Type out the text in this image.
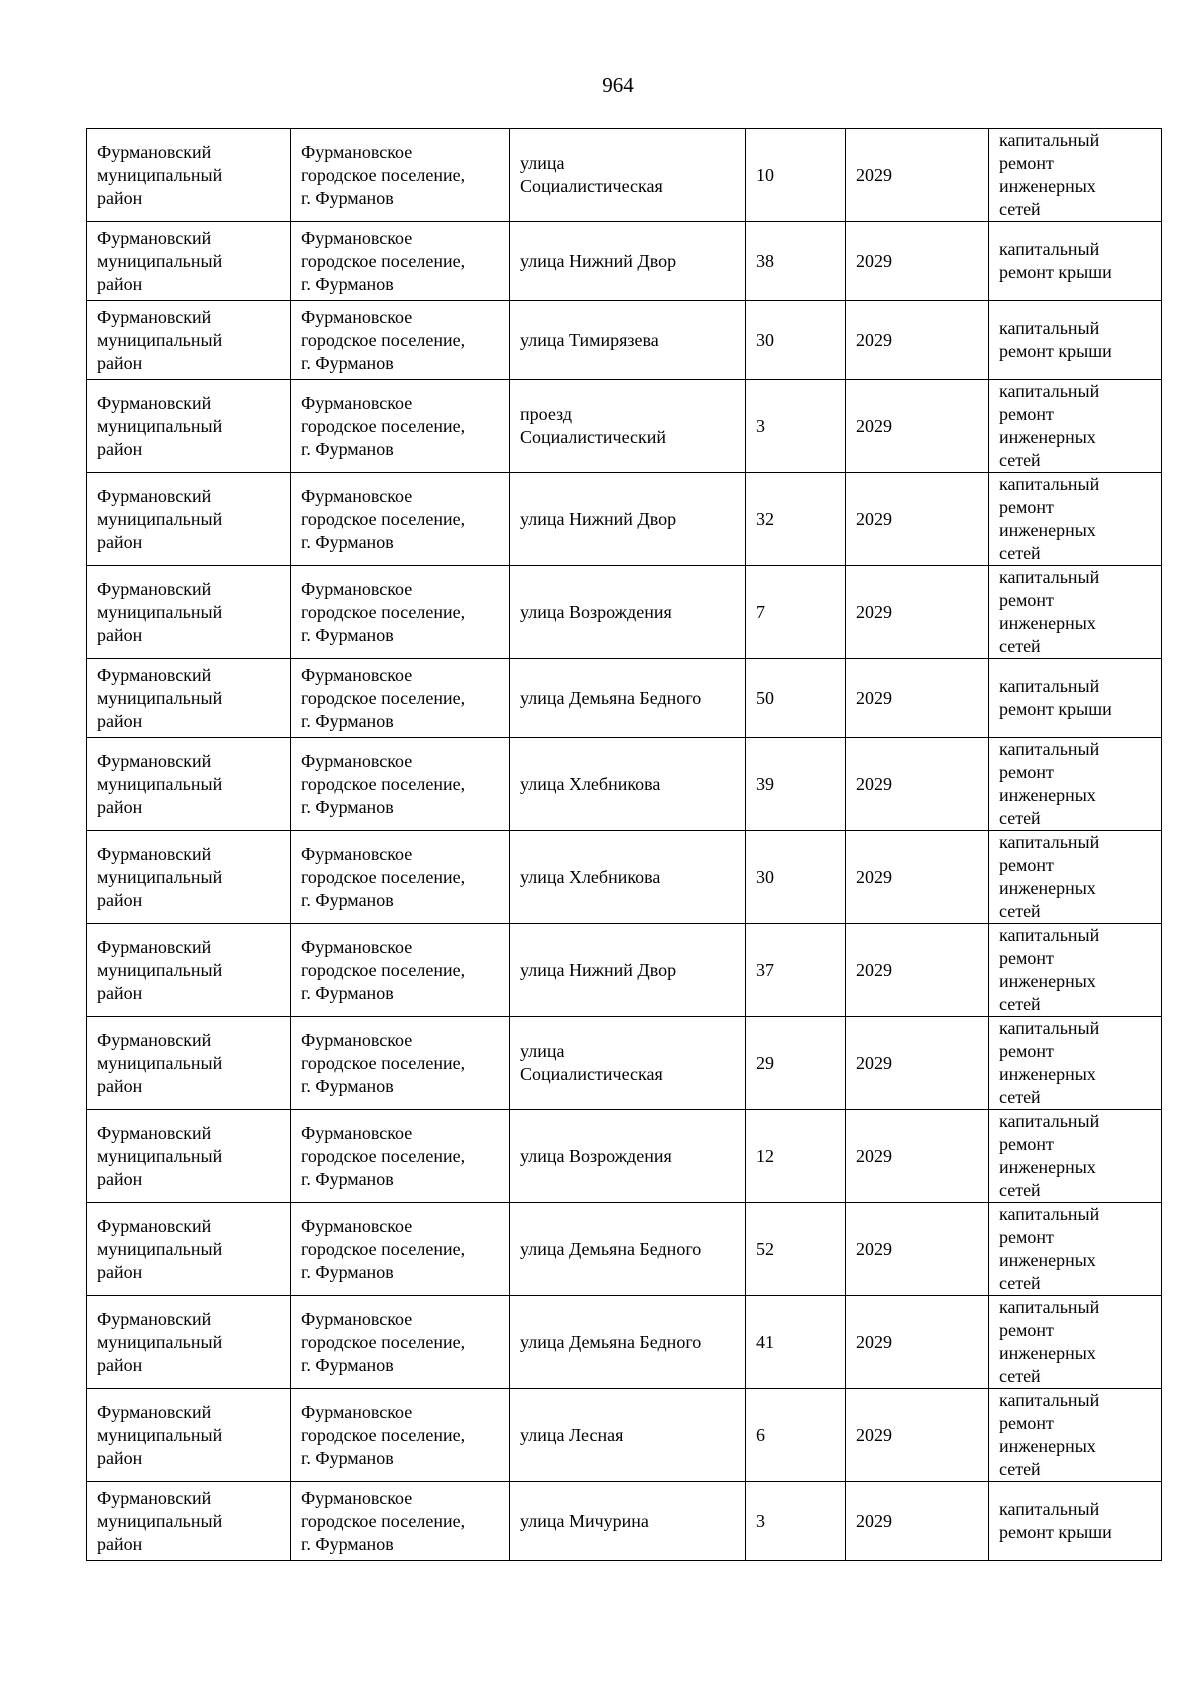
964
Фурмановский
муниципальный
район	Фурмановское
городское поселение,
г. Фурманов	улица
Социалистическая	10	2029	капитальный
ремонт
инженерных
сетей

Фурмановский
муниципальный
район	Фурмановское
городское поселение,
г. Фурманов	улица Нижний Двор	38	2029	капитальный
ремонт крыши

Фурмановский
муниципальный
район	Фурмановское
городское поселение,
г. Фурманов	улица Тимирязева	30	2029	капитальный
ремонт крыши

Фурмановский
муниципальный
район	Фурмановское
городское поселение,
г. Фурманов	проезд
Социалистический	3	2029	капитальный
ремонт
инженерных
сетей

Фурмановский
муниципальный
район	Фурмановское
городское поселение,
г. Фурманов	улица Нижний Двор	32	2029	капитальный
ремонт
инженерных
сетей

Фурмановский
муниципальный
район	Фурмановское
городское поселение,
г. Фурманов	улица Возрождения	7	2029	капитальный
ремонт
инженерных
сетей

Фурмановский
муниципальный
район	Фурмановское
городское поселение,
г. Фурманов	улица Демьяна Бедного	50	2029	капитальный
ремонт крыши

Фурмановский
муниципальный
район	Фурмановское
городское поселение,
г. Фурманов	улица Хлебникова	39	2029	капитальный
ремонт
инженерных
сетей

Фурмановский
муниципальный
район	Фурмановское
городское поселение,
г. Фурманов	улица Хлебникова	30	2029	капитальный
ремонт
инженерных
сетей

Фурмановский
муниципальный
район	Фурмановское
городское поселение,
г. Фурманов	улица Нижний Двор	37	2029	капитальный
ремонт
инженерных
сетей

Фурмановский
муниципальный
район	Фурмановское
городское поселение,
г. Фурманов	улица
Социалистическая	29	2029	капитальный
ремонт
инженерных
сетей

Фурмановский
муниципальный
район	Фурмановское
городское поселение,
г. Фурманов	улица Возрождения	12	2029	капитальный
ремонт
инженерных
сетей

Фурмановский
муниципальный
район	Фурмановское
городское поселение,
г. Фурманов	улица Демьяна Бедного	52	2029	капитальный
ремонт
инженерных
сетей

Фурмановский
муниципальный
район	Фурмановское
городское поселение,
г. Фурманов	улица Демьяна Бедного	41	2029	капитальный
ремонт
инженерных
сетей

Фурмановский
муниципальный
район	Фурмановское
городское поселение,
г. Фурманов	улица Лесная	6	2029	капитальный
ремонт
инженерных
сетей

Фурмановский
муниципальный
район	Фурмановское
городское поселение,
г. Фурманов	улица Мичурина	3	2029	капитальный
ремонт крыши
